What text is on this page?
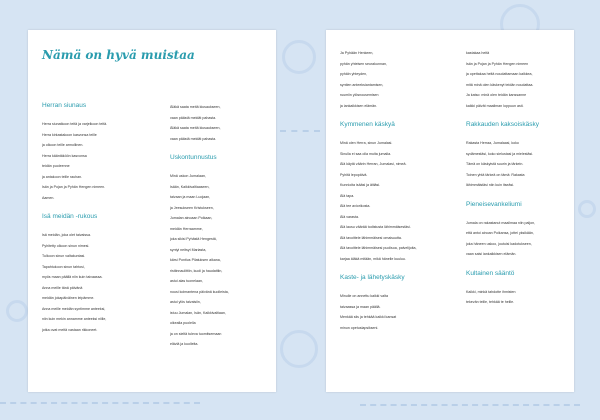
Nämä on hyvä muistaa
Herran siunaus
Herra siunatkoon teitä ja varjelkoon teitä.
Herra kirkastakoon kasvonsa teille
ja olkoon teille armollinen.
Herra kääntäköön kasvonsa
teidän puoleenne
ja antakoon teille rauhan.
Isän ja Pojan ja Pyhän Hengen nimeen.
Aamen.
Isä meidän -rukous
Isä meidän, joka olet taivaissa.
Pyhitetty olkoon sinun nimesi.
Tulkoon sinun valtakuntasi.
Tapahtukoon sinun tahtosi,
myös maan päällä niin kuin taivaassa.
Anna meille tänä päivänä
meidän jokapäiväinen leipämme.
Anna meille meidän syntimme anteeksi,
niin kuin mekin annamme anteeksi niille,
jotka ovat meitä vastaan rikkoneet.
Äläkä saata meitä kiusaukseen,
vaan päästä meidät pahasta.
Äläkä saata meitä kiusaukseen,
vaan päästä meidät pahasta.
Uskontunnustus
Minä uskon Jumalaan,
Isään, Kaikkivaltiaaseen,
taivaan ja maan Luojaan,
ja Jeesukseen Kristukseen,
Jumalan ainoaan Poikaan,
meidän Herraamme,
joka sikisi Pyhästä Hengestä,
syntyi neitsyt Mariasta,
kärsi Pontius Pilatuksen aikana,
ristiinnaulittiin, kuoli ja haudattiin,
astui alas tuonelaan,
nousi kolmantena päivänä kuolleista,
astui ylös taivaisiin,
istuu Jumalan, Isän, Kaikkivaltiaan,
oikealla puolella
ja on sieltä tuleva tuomitsemaan
eläviä ja kuolleita.
Ja Pyhään Henkeen,
pyhän yhteisen seurakunnan,
pyhäin yhteyden,
syntien anteeksiantamisen,
ruumiin ylösnousemisen
ja iankaikkisen elämän.
Kymmenen käskyä
Minä olen Herra, sinun Jumalasi.
Sinulla ei saa olla muita jumalia.
Älä käytä väärin Herran, Jumalasi, nimeä.
Pyhitä lepopäivä.
Kunnioita isääsi ja äitiäsi.
Älä tapa.
Älä tee aviorikosta.
Älä varasta.
Älä lausu väärää todistusta lähimmäisestäsi.
Älä tavoittele lähimmäisesi omaisuutta.
Älä tavoittele lähimmäisesi puolisoa, palvelijoita,
karjaa äläkä mitään, mikä hänelle kuuluu.
Kaste- ja lähetyskäsky
Minulle on annettu kaikki valta
taivaassa ja maan päällä.
Menkää siis ja tehkää kaikki kansat
minun opetuslapsikseni.
kastakaa heitä
Isän ja Pojan ja Pyhän Hengen nimeen
ja opettakaa heitä noudattamaan kaikkea,
mitä minä olen käskenyt teidän noudattaa.
Ja katso: minä olen teidän kanssanne
kaikki päivät maailman loppuun asti.
Rakkauden kaksoiskäsky
Rakasta Herraa, Jumalaasi, koko
sydämestäsi, koko sielustasi ja mielestäsi.
Tämä on käskyistä suurin ja tärkein.
Toinen yhtä tärkeä on tämä: Rakasta
lähimmäistäsi niin kuin itseäsi.
Pieneisevankeliumi
Jumala on rakastanut maailmaa niin paljon,
että antoi ainoan Poikansa, jottei yksikään,
joka häneen uskoo, joutuisi kadotukseen,
vaan saisi iankaikkisen elämän.
Kultainen sääntö
Kaikki, minkä tahdotte ihmisten
tekevän teille, tehkää te heille.
